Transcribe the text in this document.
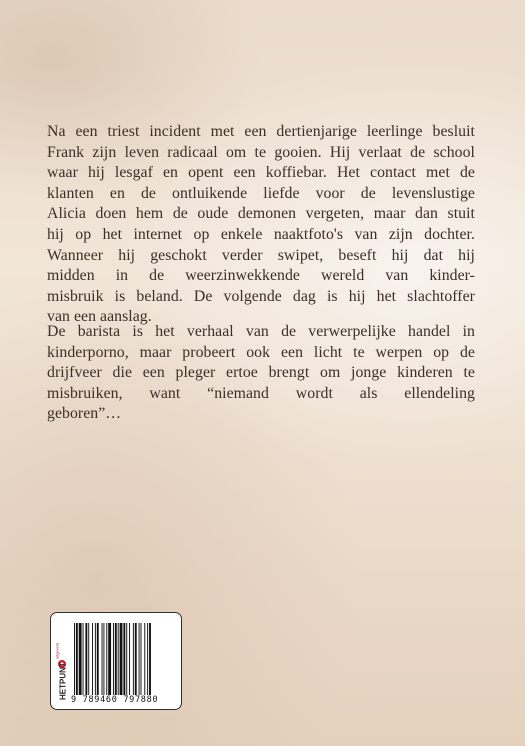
Na een triest incident met een dertienjarige leerlinge besluit
Frank zijn leven radicaal om te gooien. Hij verlaat de school
waar hij lesgaf en opent een koffiebar. Het contact met de
klanten en de ontluikende liefde voor de levenslustige
Alicia doen hem de oude demonen vergeten, maar dan stuit
hij op het internet op enkele naaktfoto's van zijn dochter.
Wanneer hij geschokt verder swipet, beseft hij dat hij
midden in de weerzinwekkende wereld van kinder-
misbruik is beland. De volgende dag is hij het slachtoffer
van een aanslag.
De barista is het verhaal van de verwerpelijke handel in
kinderporno, maar probeert ook een licht te werpen op de
drijfveer die een pleger ertoe brengt om jonge kinderen te
misbruiken, want “niemand wordt als ellendeling
geboren”…
uitgeverij
HETPUNT 9 789460 797880
